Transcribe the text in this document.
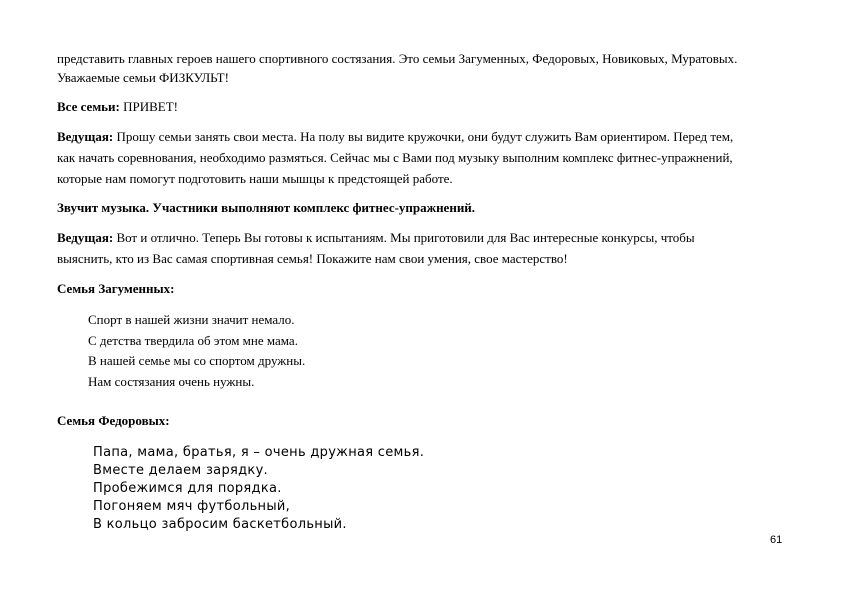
представить главных героев нашего спортивного состязания. Это семьи Загуменных, Федоровых, Новиковых, Муратовых.
Уважаемые семьи ФИЗКУЛЬТ!
Все семьи: ПРИВЕТ!
Ведущая: Прошу семьи занять свои места. На полу вы видите кружочки, они будут служить Вам ориентиром. Перед тем,
как начать соревнования, необходимо размяться. Сейчас мы с Вами под музыку выполним комплекс фитнес-упражнений,
которые нам помогут подготовить наши мышцы к предстоящей работе.
Звучит музыка. Участники выполняют комплекс фитнес-упражнений.
Ведущая: Вот и отлично. Теперь Вы готовы к испытаниям. Мы приготовили для Вас интересные конкурсы, чтобы
выяснить, кто из Вас самая спортивная семья! Покажите нам свои умения, свое мастерство!
Семья Загуменных:
Спорт в нашей жизни значит немало.
С детства твердила об этом мне мама.
В нашей семье мы со спортом дружны.
Нам состязания очень нужны.
Семья Федоровых:
Папа, мама, братья, я – очень дружная семья.
Вместе делаем зарядку.
Пробежимся для порядка.
Погоняем мяч футбольный,
В кольцо забросим баскетбольный.
61
